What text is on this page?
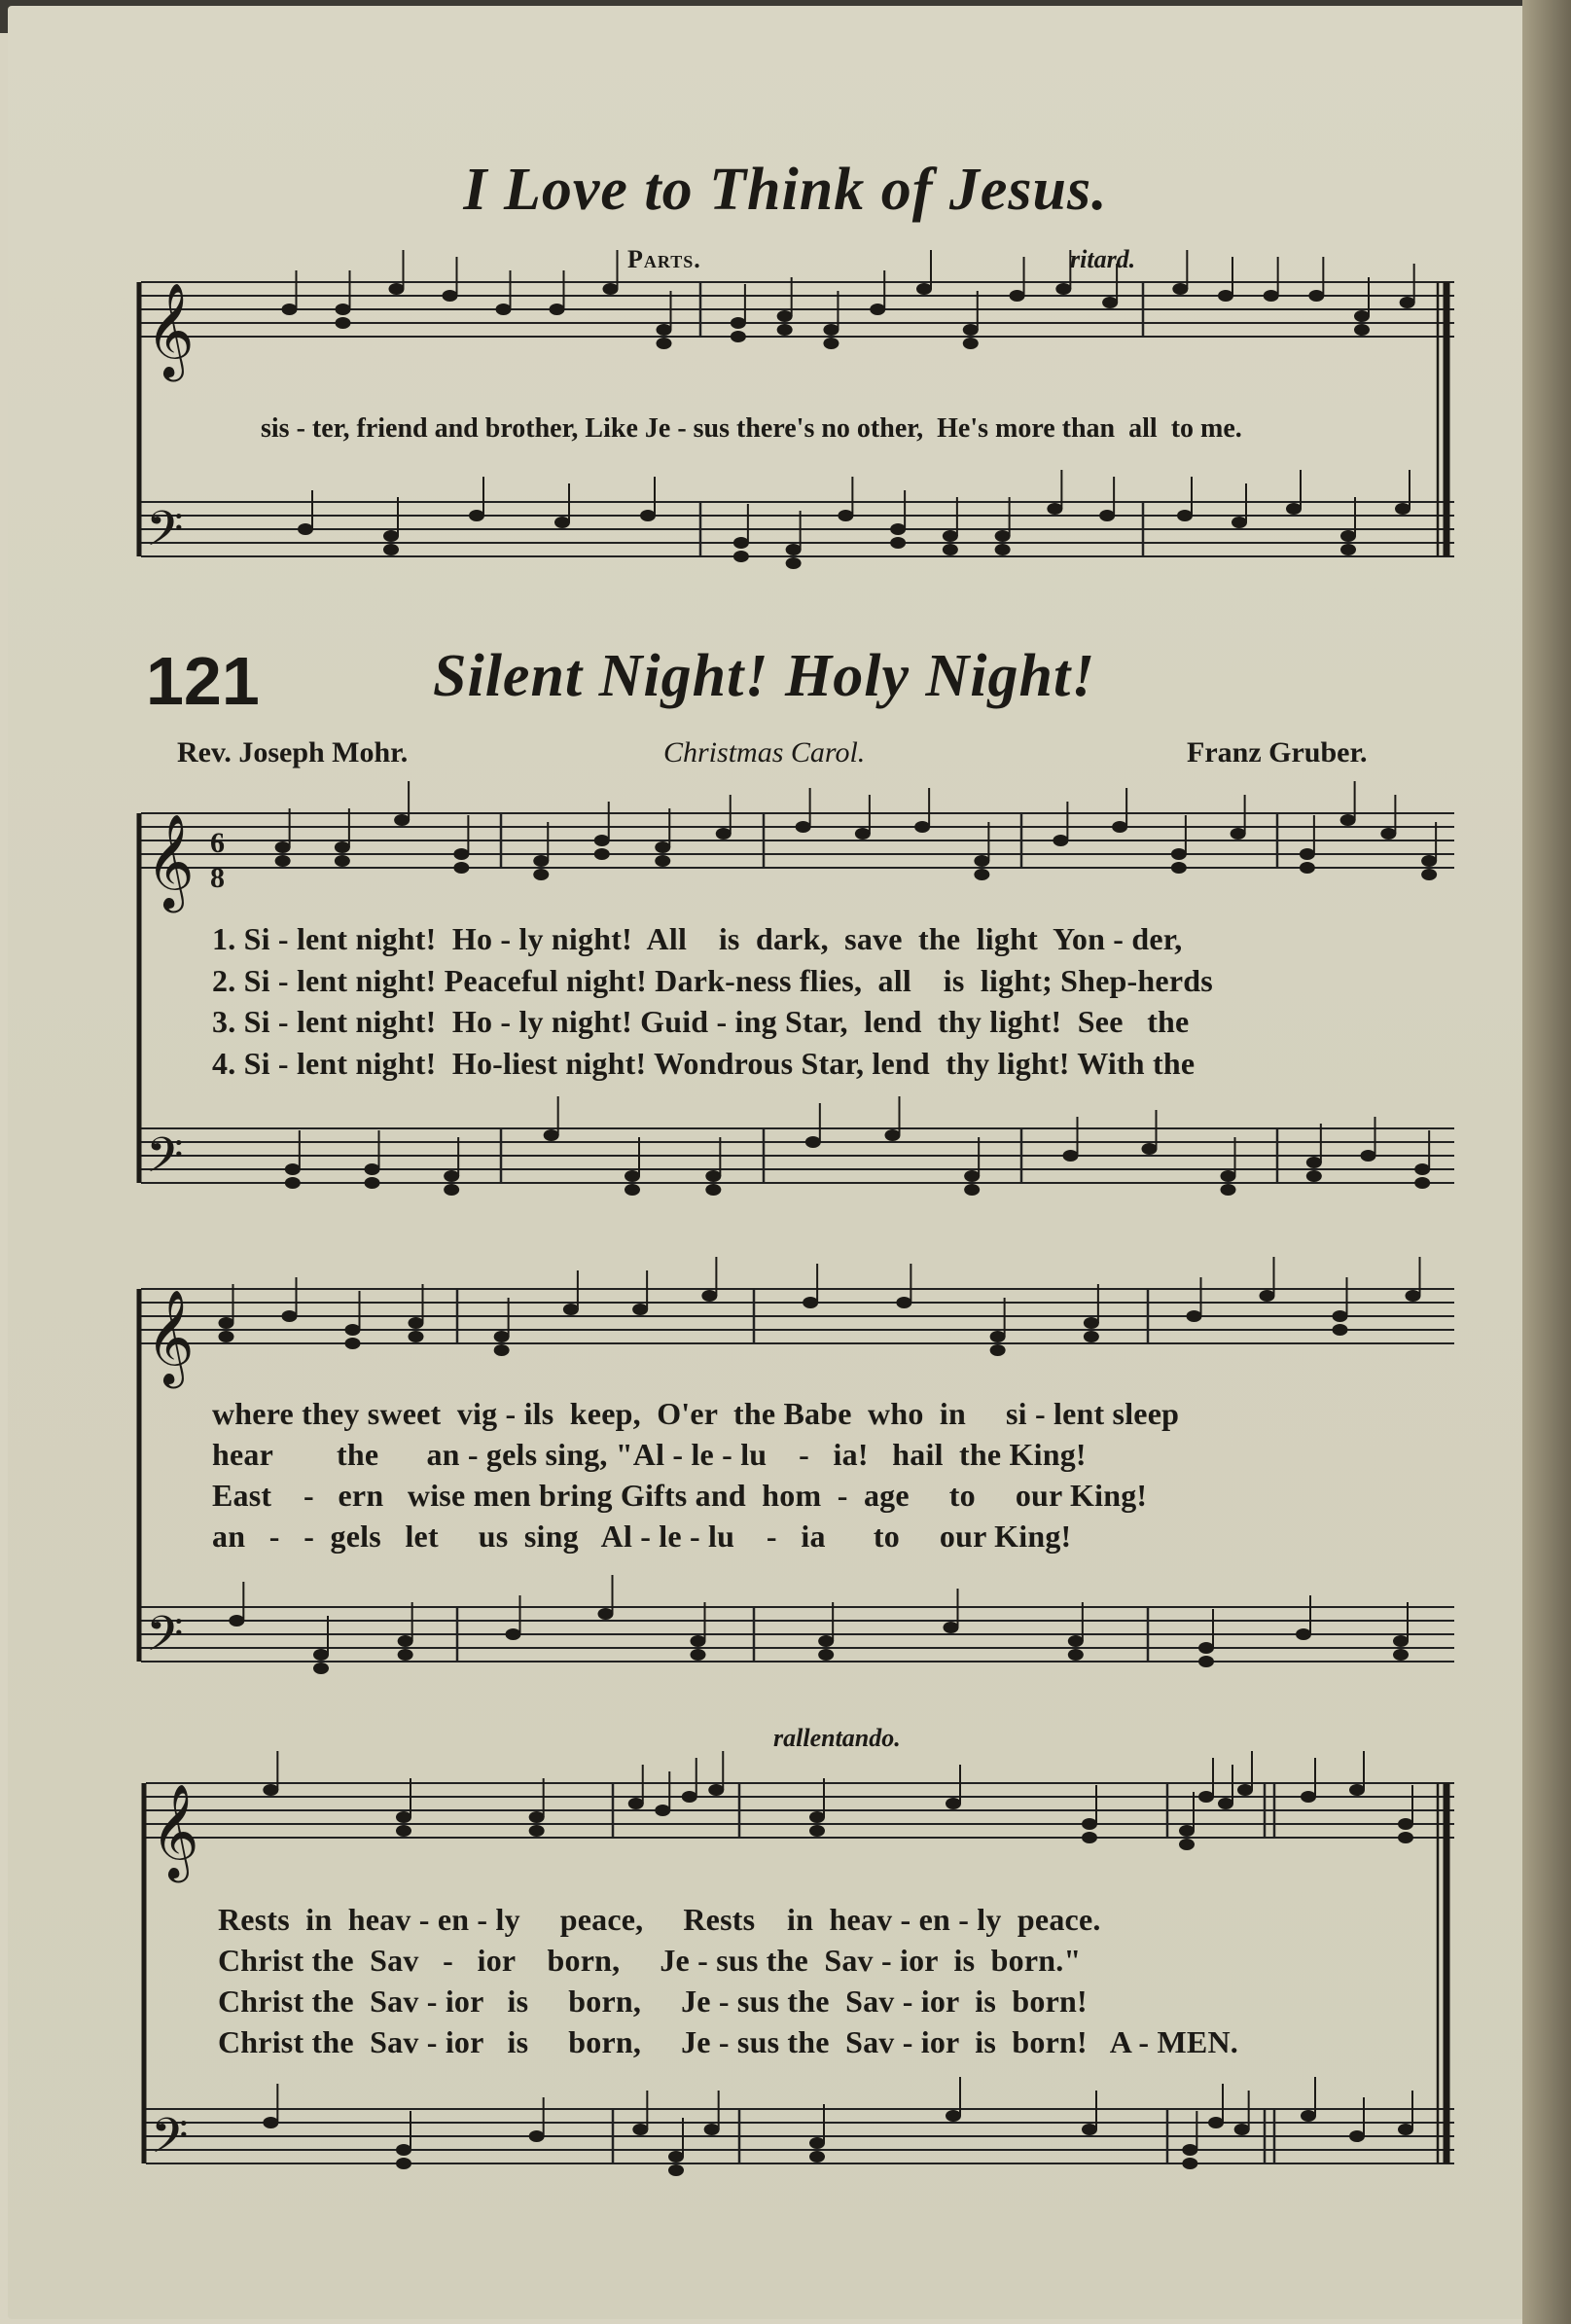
I Love to Think of Jesus.
Parts.	ritard.
sis - ter, friend and brother, Like Je - sus there's no other,  He's more than  all  to me.
121	Silent Night! Holy Night!
Rev. Joseph Mohr.	Christmas Carol.	Franz Gruber.
1. Si - lent night!  Ho - ly night!  All    is  dark,  save  the  light  Yon - der,
2. Si - lent night! Peaceful night! Dark-ness flies,  all    is  light; Shep-herds
3. Si - lent night!  Ho - ly night! Guid - ing Star,  lend  thy light!  See   the
4. Si - lent night!  Ho-liest night! Wondrous Star, lend  thy light! With the
where they sweet  vig - ils  keep,  O'er  the Babe  who  in     si - lent sleep
hear        the      an - gels sing, "Al - le - lu    -   ia!   hail  the King!
East    -   ern   wise men bring Gifts and  hom  -  age     to     our King!
an   -   -  gels   let     us  sing   Al - le - lu    -   ia      to     our King!
rallentando.
Rests  in  heav - en - ly     peace,     Rests    in  heav - en - ly  peace.
Christ the  Sav   -   ior    born,     Je - sus the  Sav - ior  is  born."
Christ the  Sav - ior   is     born,     Je - sus the  Sav - ior  is  born!
Christ the  Sav - ior   is     born,     Je - sus the  Sav - ior  is  born!   A - MEN.
𝄞
𝄢
𝄞
𝄢
6
8
𝄞
𝄢
𝄞
𝄢
